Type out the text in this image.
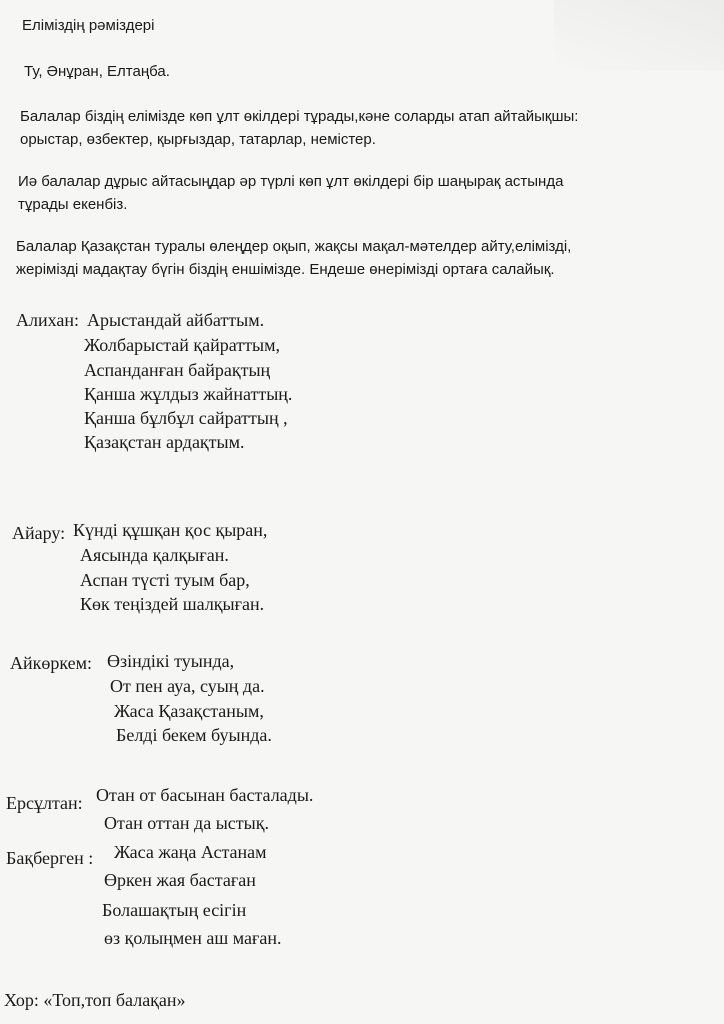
Еліміздің рәміздері
Ту, Әнұран, Елтаңба.
Балалар біздің елімізде көп ұлт өкілдері тұрады,кәне соларды атап айтайықшы:
орыстар, өзбектер, қырғыздар, татарлар, немістер.
Иә балалар дұрыс айтасыңдар әр түрлі көп ұлт өкілдері бір шаңырақ астында
тұрады екенбіз.
Балалар Қазақстан туралы өлеңдер оқып, жақсы мақал-мәтелдер айту,елімізді,
жерімізді мадақтау бүгін біздің еншімізде. Ендеше өнерімізді ортаға салайық.
Алихан: Арыстандай айбаттым.
Жолбарыстай қайраттым,
Аспанданған байрақтың
Қанша жұлдыз жайнаттың.
Қанша бұлбұл сайраттың ,
Қазақстан ардақтым.
Айару: Күнді құшқан қос қыран,
Аясында қалқыған.
Аспан түсті туым бар,
Көк теңіздей шалқыған.
Айкөркем: Өзіндікі туында,
От пен ауа, суың да.
Жаса Қазақстаным,
Белді бекем буында.
Ерсұлтан: Отан от басынан басталады.
Отан оттан да ыстық.
Бақберген : Жаса жаңа Астанам
Өркен жая бастаған
Болашақтың есігін
өз қолыңмен аш маған.
Хор: «Топ,топ балақан»
